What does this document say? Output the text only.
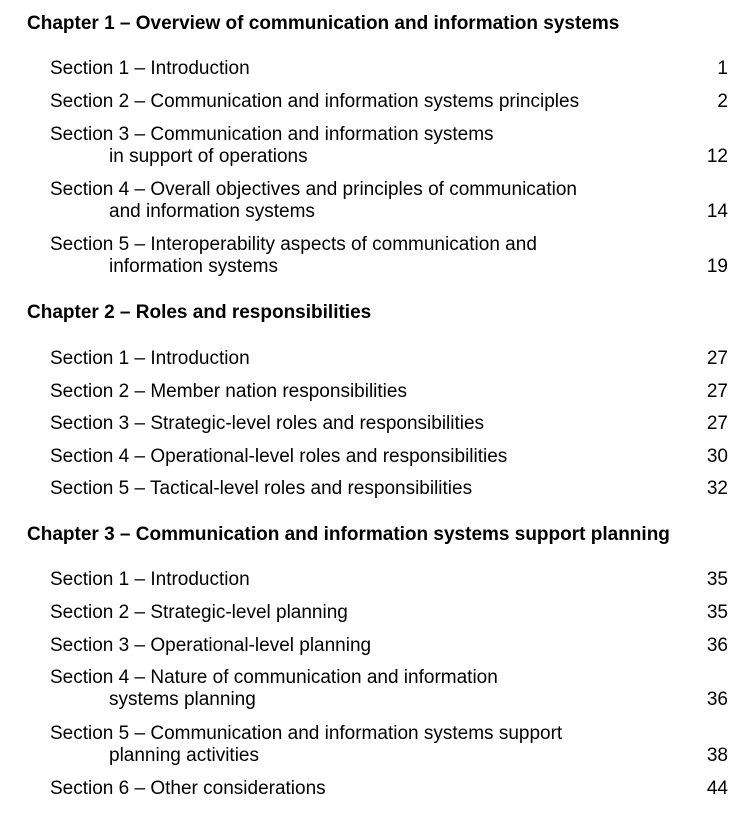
Chapter 1 – Overview of communication and information systems
Section 1 – Introduction	1
Section 2 – Communication and information systems principles	2
Section 3 – Communication and information systems
in support of operations	12
Section 4 – Overall objectives and principles of communication
and information systems	14
Section 5 – Interoperability aspects of communication and
information systems	19
Chapter 2 – Roles and responsibilities
Section 1 – Introduction	27
Section 2 – Member nation responsibilities	27
Section 3 – Strategic-level roles and responsibilities	27
Section 4 – Operational-level roles and responsibilities	30
Section 5 – Tactical-level roles and responsibilities	32
Chapter 3 – Communication and information systems support planning
Section 1 – Introduction	35
Section 2 – Strategic-level planning	35
Section 3 – Operational-level planning	36
Section 4 – Nature of communication and information
systems planning	36
Section 5 – Communication and information systems support
planning activities	38
Section 6 – Other considerations	44
